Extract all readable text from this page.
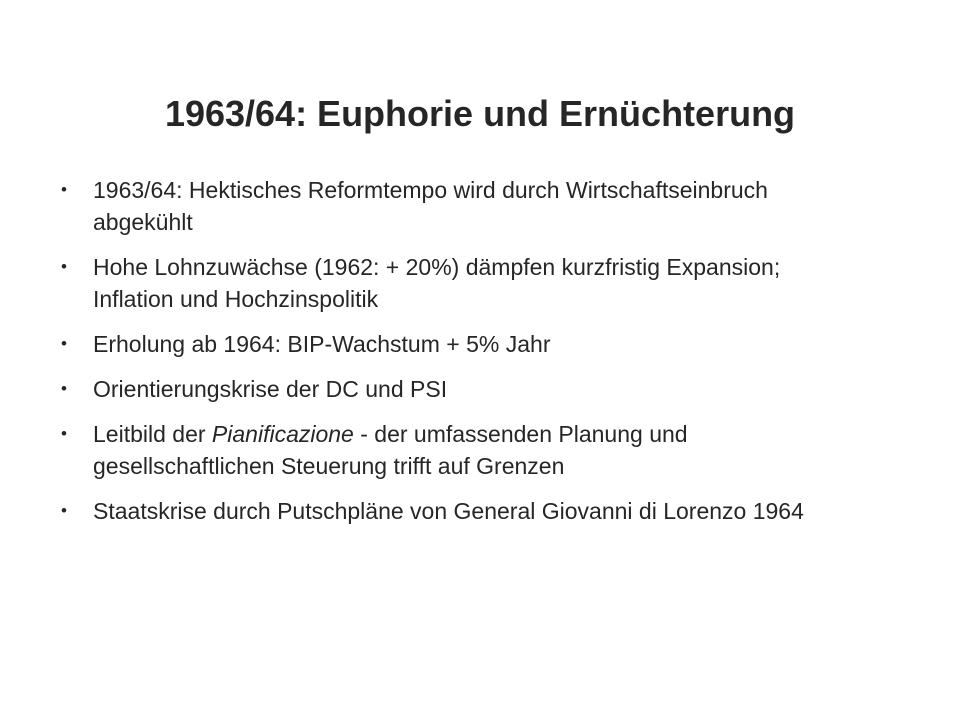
1963/64: Euphorie und Ernüchterung
• 1963/64: Hektisches Reformtempo wird durch Wirtschaftseinbruch abgekühlt
• Hohe Lohnzuwächse (1962: + 20%) dämpfen kurzfristig Expansion; Inflation und Hochzinspolitik
• Erholung ab 1964: BIP-Wachstum + 5% Jahr
• Orientierungskrise der DC und PSI
• Leitbild der Pianificazione - der umfassenden Planung und gesellschaftlichen Steuerung trifft auf Grenzen
• Staatskrise durch Putschpläne von General Giovanni di Lorenzo 1964
